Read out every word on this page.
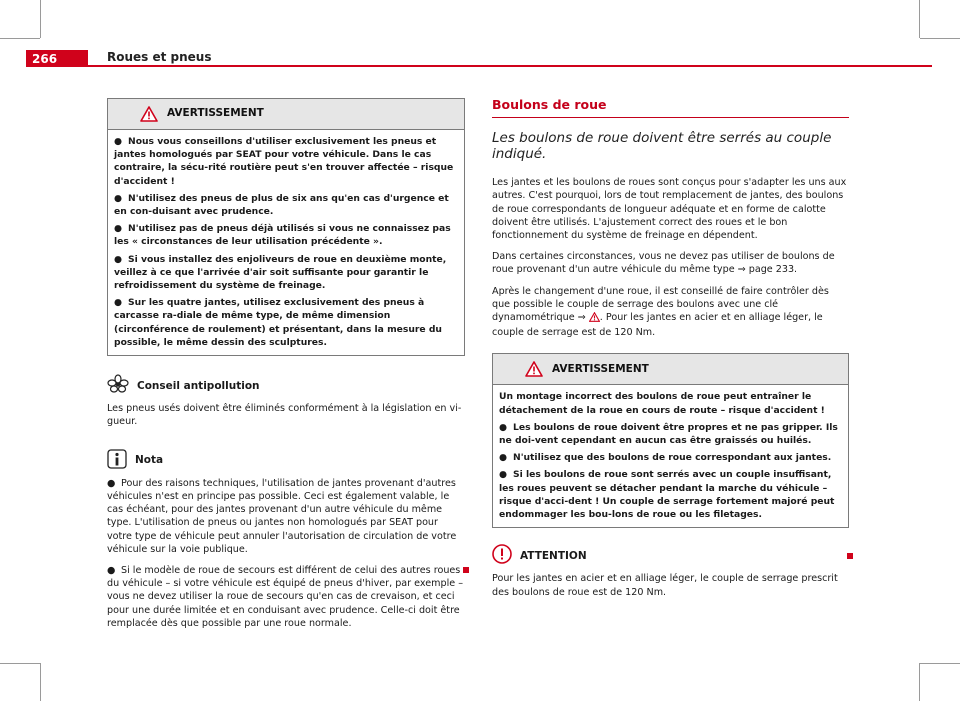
266	Roues et pneus
AVERTISSEMENT

● Nous vous conseillons d'utiliser exclusivement les pneus et jantes homologués par SEAT pour votre véhicule. Dans le cas contraire, la sécu-rité routière peut s'en trouver affectée – risque d'accident !

● N'utilisez des pneus de plus de six ans qu'en cas d'urgence et en con-duisant avec prudence.

● N'utilisez pas de pneus déjà utilisés si vous ne connaissez pas les « circonstances de leur utilisation précédente ».

● Si vous installez des enjoliveurs de roue en deuxième monte, veillez à ce que l'arrivée d'air soit suffisante pour garantir le refroidissement du système de freinage.

● Sur les quatre jantes, utilisez exclusivement des pneus à carcasse ra-diale de même type, de même dimension (circonférence de roulement) et présentant, dans la mesure du possible, le même dessin des sculptures.

Conseil antipollution

Les pneus usés doivent être éliminés conformément à la législation en vi-gueur.

Nota

● Pour des raisons techniques, l'utilisation de jantes provenant d'autres véhicules n'est en principe pas possible. Ceci est également valable, le cas échéant, pour des jantes provenant d'un autre véhicule du même type. L'utilisation de pneus ou jantes non homologués par SEAT pour votre type de véhicule peut annuler l'autorisation de circulation de votre véhicule sur la voie publique.

● Si le modèle de roue de secours est différent de celui des autres roues du véhicule – si votre véhicule est équipé de pneus d'hiver, par exemple – vous ne devez utiliser la roue de secours qu'en cas de crevaison, et ceci pour une durée limitée et en conduisant avec prudence. Celle-ci doit être remplacée dès que possible par une roue normale.

Boulons de roue
Les boulons de roue doivent être serrés au couple indiqué.

Les jantes et les boulons de roues sont conçus pour s'adapter les uns aux autres. C'est pourquoi, lors de tout remplacement de jantes, des boulons de roue correspondants de longueur adéquate et en forme de calotte doivent être utilisés. L'ajustement correct des roues et le bon fonctionnement du système de freinage en dépendent.

Dans certaines circonstances, vous ne devez pas utiliser de boulons de roue provenant d'un autre véhicule du même type ⇒ page 233.

Après le changement d'une roue, il est conseillé de faire contrôler dès que possible le couple de serrage des boulons avec une clé dynamométrique ⇒ . Pour les jantes en acier et en alliage léger, le couple de serrage est de 120 Nm.

AVERTISSEMENT

Un montage incorrect des boulons de roue peut entraîner le détachement de la roue en cours de route – risque d'accident !

● Les boulons de roue doivent être propres et ne pas gripper. Ils ne doi-vent cependant en aucun cas être graissés ou huilés.

● N'utilisez que des boulons de roue correspondant aux jantes.

● Si les boulons de roue sont serrés avec un couple insuffisant, les roues peuvent se détacher pendant la marche du véhicule – risque d'acci-dent ! Un couple de serrage fortement majoré peut endommager les bou-lons de roue ou les filetages.

ATTENTION

Pour les jantes en acier et en alliage léger, le couple de serrage prescrit des boulons de roue est de 120 Nm.
